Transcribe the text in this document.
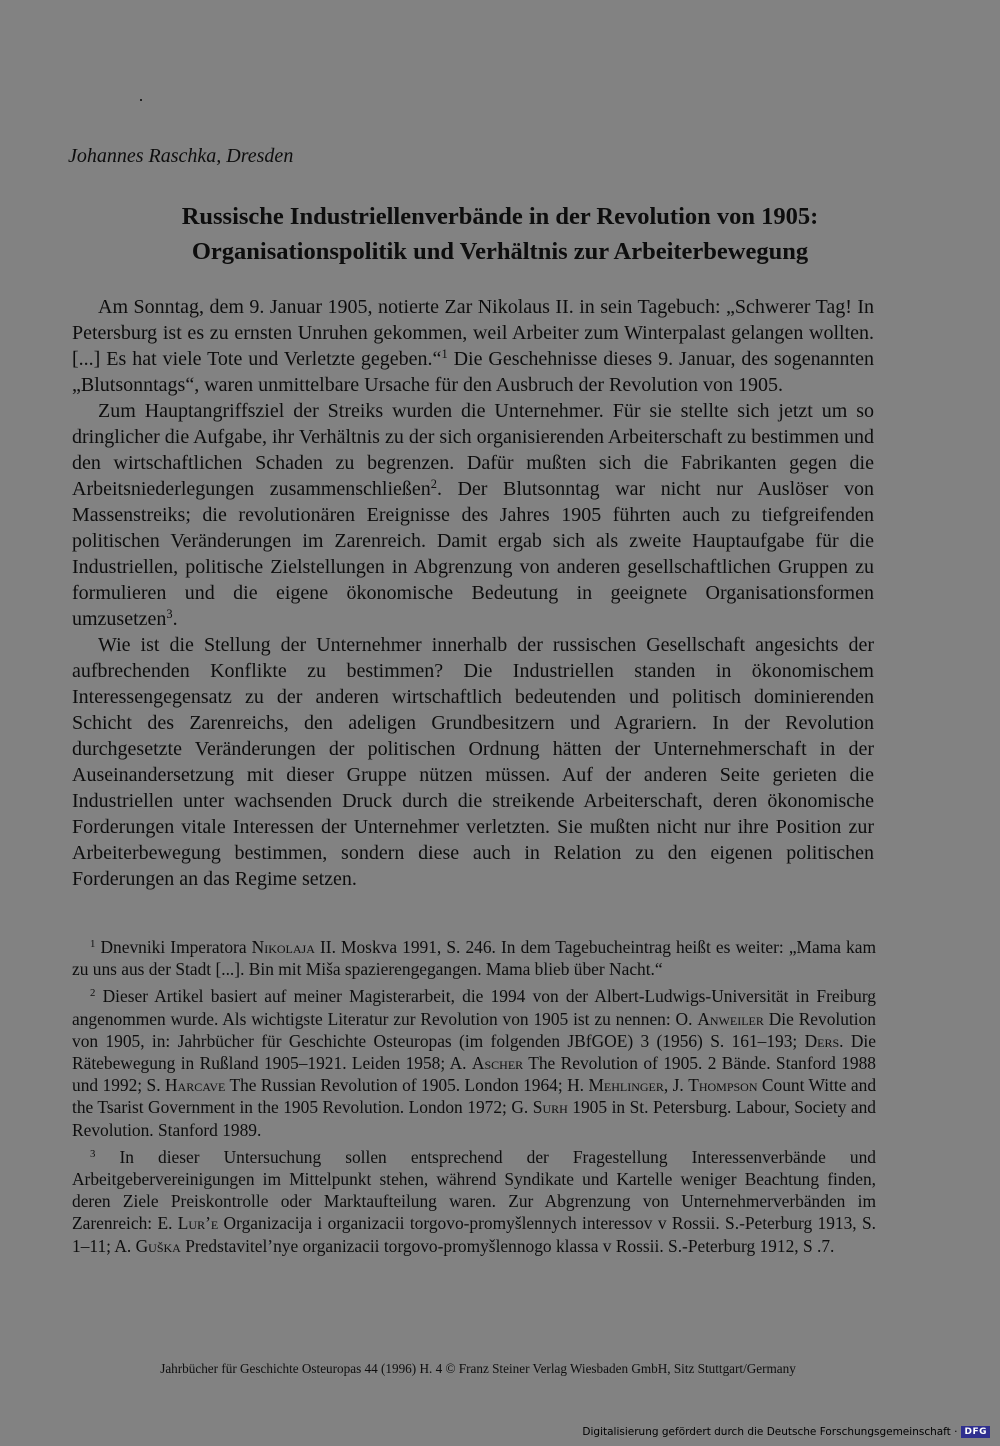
Johannes Raschka, Dresden
Russische Industriellenverbände in der Revolution von 1905:
Organisationspolitik und Verhältnis zur Arbeiterbewegung

Am Sonntag, dem 9. Januar 1905, notierte Zar Nikolaus II. in sein Tagebuch: „Schwerer Tag! In Petersburg ist es zu ernsten Unruhen gekommen, weil Arbeiter zum Winterpalast gelangen wollten. [...] Es hat viele Tote und Verletzte gegeben.“$^1$ Die Geschehnisse dieses 9. Januar, des sogenannten „Blutsonntags“, waren unmittelbare Ursache für den Ausbruch der Revolution von 1905.

Zum Hauptangriffsziel der Streiks wurden die Unternehmer. Für sie stellte sich jetzt um so dringlicher die Aufgabe, ihr Verhältnis zu der sich organisierenden Arbeiterschaft zu bestimmen und den wirtschaftlichen Schaden zu begrenzen. Dafür mußten sich die Fabrikanten gegen die Arbeitsniederlegungen zusammenschließen$^2$. Der Blutsonntag war nicht nur Auslöser von Massenstreiks; die revolutionären Ereignisse des Jahres 1905 führten auch zu tiefgreifenden politischen Veränderungen im Zarenreich. Damit ergab sich als zweite Hauptaufgabe für die Industriellen, politische Zielstellungen in Abgrenzung von anderen gesellschaftlichen Gruppen zu formulieren und die eigene ökonomische Bedeutung in geeignete Organisationsformen umzusetzen$^3$.

Wie ist die Stellung der Unternehmer innerhalb der russischen Gesellschaft angesichts der aufbrechenden Konflikte zu bestimmen? Die Industriellen standen in ökonomischem Interessengegensatz zu der anderen wirtschaftlich bedeutenden und politisch dominierenden Schicht des Zarenreichs, den adeligen Grundbesitzern und Agrariern. In der Revolution durchgesetzte Veränderungen der politischen Ordnung hätten der Unternehmerschaft in der Auseinandersetzung mit dieser Gruppe nützen müssen. Auf der anderen Seite gerieten die Industriellen unter wachsenden Druck durch die streikende Arbeiterschaft, deren ökonomische Forderungen vitale Interessen der Unternehmer verletzten. Sie mußten nicht nur ihre Position zur Arbeiterbewegung bestimmen, sondern diese auch in Relation zu den eigenen politischen Forderungen an das Regime setzen.

$^1$ Dnevniki Imperatora Nikolaja II. Moskva 1991, S. 246. In dem Tagebucheintrag heißt es weiter: „Mama kam zu uns aus der Stadt [...]. Bin mit Miša spazierengegangen. Mama blieb über Nacht.“

$^2$ Dieser Artikel basiert auf meiner Magisterarbeit, die 1994 von der Albert-Ludwigs-Universität in Freiburg angenommen wurde. Als wichtigste Literatur zur Revolution von 1905 ist zu nennen: O. Anweiler Die Revolution von 1905, in: Jahrbücher für Geschichte Osteuropas (im folgenden JBfGOE) 3 (1956) S. 161–193; Ders. Die Rätebewegung in Rußland 1905–1921. Leiden 1958; A. Ascher The Revolution of 1905. 2 Bände. Stanford 1988 und 1992; S. Harcave The Russian Revolution of 1905. London 1964; H. Mehlinger, J. Thompson Count Witte and the Tsarist Government in the 1905 Revolution. London 1972; G. Surh 1905 in St. Petersburg. Labour, Society and Revolution. Stanford 1989.

$^3$ In dieser Untersuchung sollen entsprechend der Fragestellung Interessenverbände und Arbeitgebervereinigungen im Mittelpunkt stehen, während Syndikate und Kartelle weniger Beachtung finden, deren Ziele Preiskontrolle oder Marktaufteilung waren. Zur Abgrenzung von Unternehmerverbänden im Zarenreich: E. Lur’e Organizacija i organizacii torgovo-promyšlennych interessov v Rossii. S.-Peterburg 1913, S. 1–11; A. Guška Predstavitel’nye organizacii torgovo-promyšlennogo klassa v Rossii. S.-Peterburg 1912, S .7.

Jahrbücher für Geschichte Osteuropas 44 (1996) H. 4 © Franz Steiner Verlag Wiesbaden GmbH, Sitz Stuttgart/Germany
Digitalisierung gefördert durch die Deutsche Forschungsgemeinschaft · DFG
